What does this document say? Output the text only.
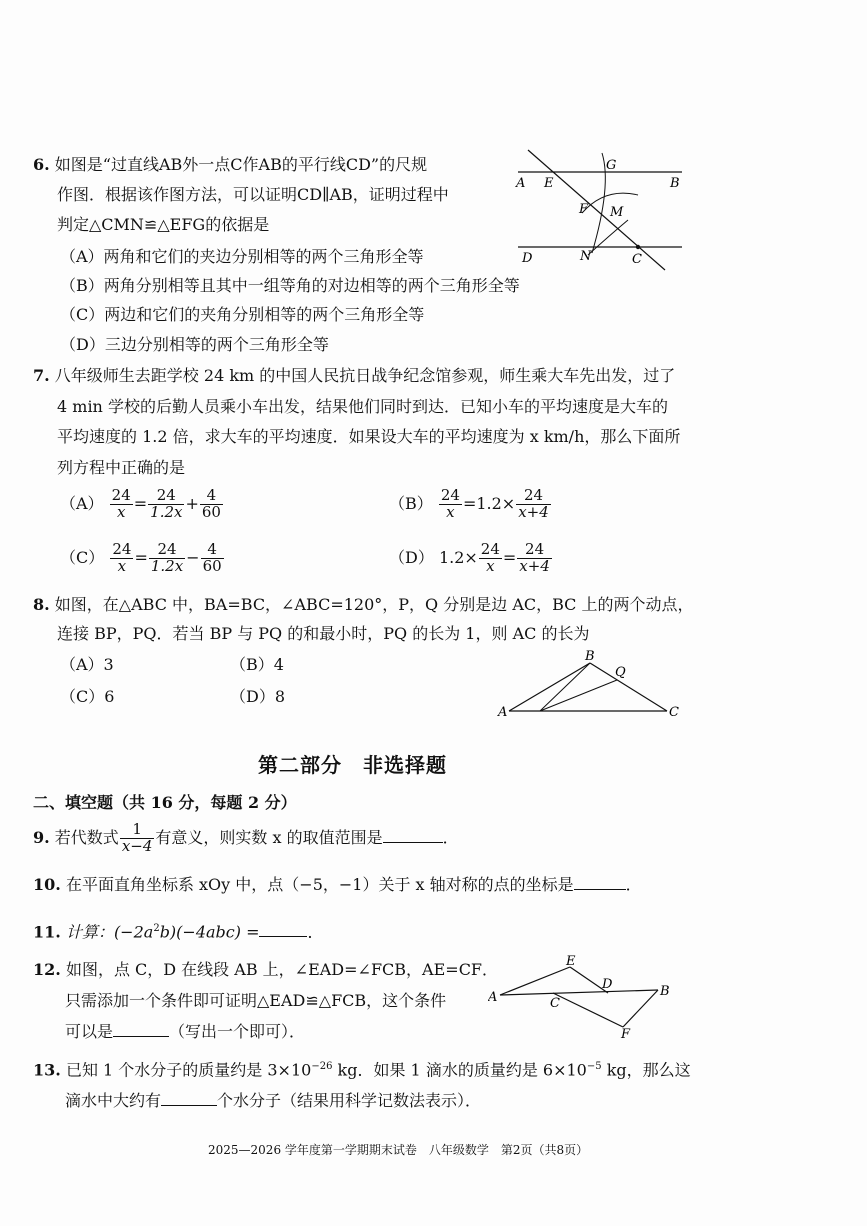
6. 如图是“过直线AB外一点C作AB的平行线CD”的尺规
作图．根据该作图方法，可以证明CD∥AB，证明过程中
判定△CMN≌△EFG的依据是
（A）两角和它们的夹边分别相等的两个三角形全等
（B）两角分别相等且其中一组等角的对边相等的两个三角形全等
（C）两边和它们的夹角分别相等的两个三角形全等
（D）三边分别相等的两个三角形全等
A E
G
B
F M
D	N	C
7. 八年级师生去距学校 24 km 的中国人民抗日战争纪念馆参观，师生乘大车先出发，过了
4 min 学校的后勤人员乘小车出发，结果他们同时到达．已知小车的平均速度是大车的
平均速度的 1.2 倍，求大车的平均速度．如果设大车的平均速度为 x km/h，那么下面所
列方程中正确的是
$(A) \frac{24}{x} = \frac{24}{1.2x} + \frac{4}{60}$	$(B) \frac{24}{x} =1.2\times \frac{24}{x+4}$
$(C) \frac{24}{x} = \frac{24}{1.2x} - \frac{4}{60}$	（D） $1.2\times \frac{24}{x} = \frac{24}{x+4}$
8. 如图，在△ABC 中，BA=BC，∠ABC=120°，P，Q 分别是边 AC，BC 上的两个动点，
连接 BP，PQ．若当 BP 与 PQ 的和最小时，PQ 的长为 1，则 AC 的长为
（A）3	（B）4
（C）6	（D）8
A
B
Q
C
第二部分　非选择题
二、填空题（共 16 分，每题 2 分）
9. 若代数式 $\frac{1}{x-4}$ 有意义，则实数 x 的取值范围是	．
10. 在平面直角坐标系 xOy 中，点（−5，−1）关于 x 轴对称的点的坐标是	．
11. 计算：$(-2a^2b)(-4abc)$ =	．
12. 如图，点 C，D 在线段 AB 上，∠EAD=∠FCB，AE=CF．
只需添加一个条件即可证明△EAD≌△FCB，这个条件
可以是	（写出一个即可）．
A
E
D	B
C
F
13. 已知 1 个水分子的质量约是 $3\times 10^{-26}$ kg．如果 1 滴水的质量约是 $6\times 10^{-5}$ kg，那么这
滴水中大约有	个水分子（结果用科学记数法表示）．
2025—2026 学年度第一学期期末试卷　八年级数学　第2页（共8页）
